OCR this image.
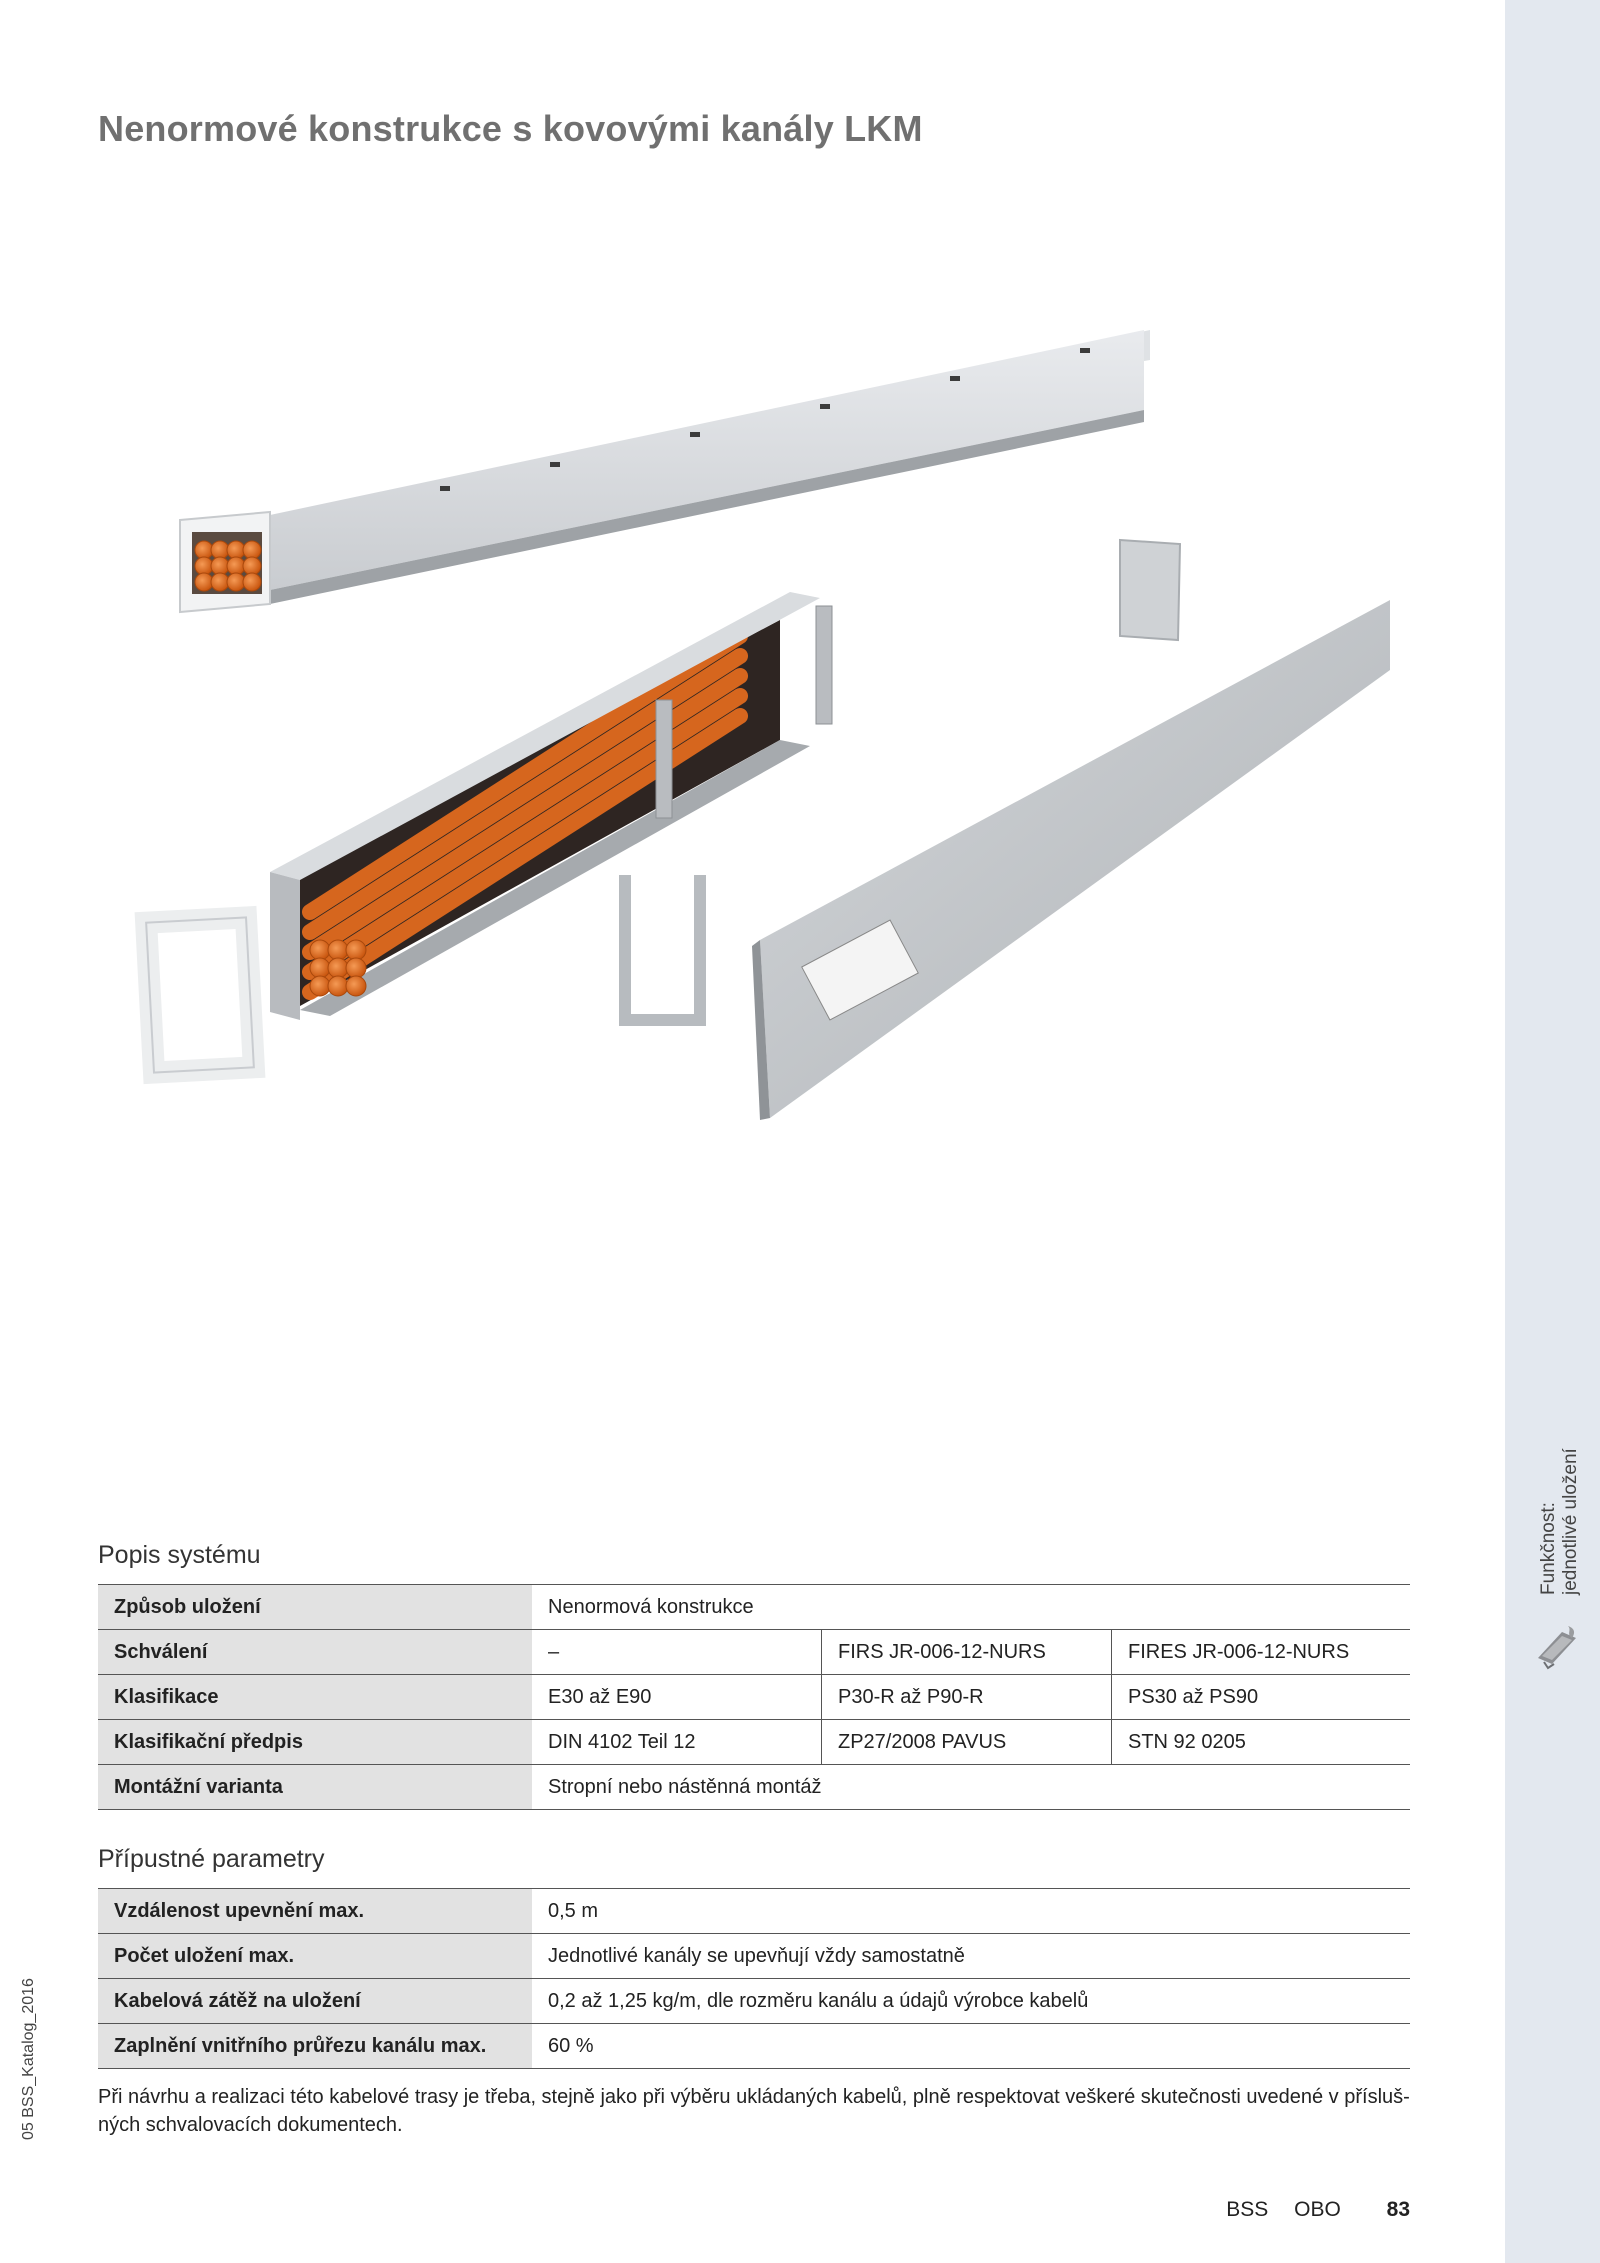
Funkčnost: jednotlivé uložení
05 BSS_Katalog_2016
Nenormové konstrukce s kovovými kanály LKM
Popis systému
Způsob uložení	Nenormová konstrukce		
Schválení	–	FIRS JR-006-12-NURS	FIRES JR-006-12-NURS
Klasifikace	E30 až E90	P30-R až P90-R	PS30 až PS90
Klasifikační předpis	DIN 4102 Teil 12	ZP27/2008 PAVUS	STN 92 0205
Montážní varianta	Stropní nebo nástěnná montáž		
Přípustné parametry
Vzdálenost upevnění max.	0,5 m
Počet uložení max.	Jednotlivé kanály se upevňují vždy samostatně
Kabelová zátěž na uložení	0,2 až 1,25 kg/m, dle rozměru kanálu a údajů výrobce kabelů
Zaplnění vnitřního průřezu kanálu max.	60 %

Při návrhu a realizaci této kabelové trasy je třeba, stejně jako při výběru ukládaných kabelů, plně respektovat veškeré skutečnosti uvedené v přísluš-ných schvalovacích dokumentech.

BSS OBO 83
